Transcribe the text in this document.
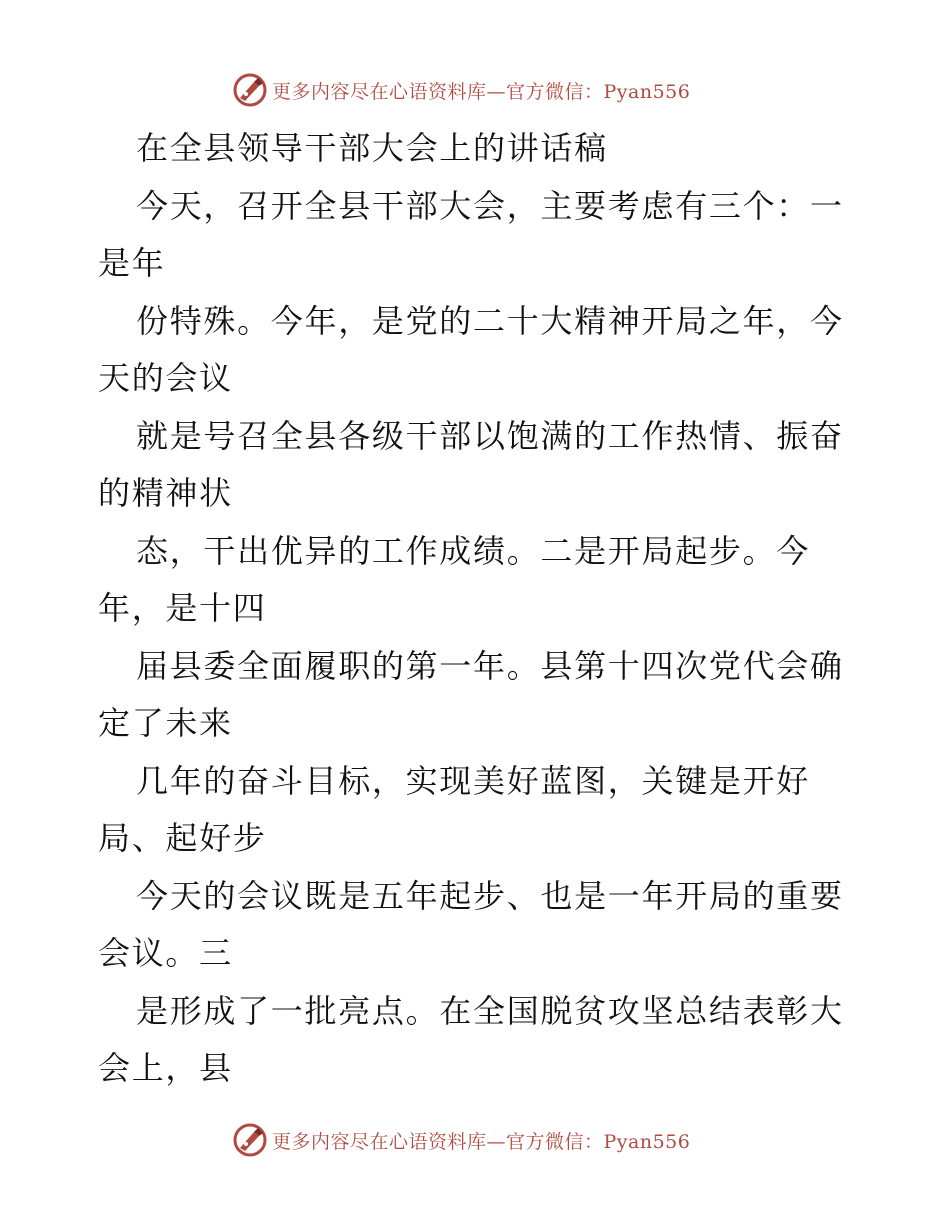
更多内容尽在心语资料库—官方微信：Pyan556
在全县领导干部大会上的讲话稿
今天，召开全县干部大会，主要考虑有三个：一
是年
份特殊。今年，是党的二十大精神开局之年，今
天的会议
就是号召全县各级干部以饱满的工作热情、振奋
的精神状
态，干出优异的工作成绩。二是开局起步。今
年，是十四
届县委全面履职的第一年。县第十四次党代会确
定了未来
几年的奋斗目标，实现美好蓝图，关键是开好
局、起好步
今天的会议既是五年起步、也是一年开局的重要
会议。三
是形成了一批亮点。在全国脱贫攻坚总结表彰大
会上，县
更多内容尽在心语资料库—官方微信：Pyan556
